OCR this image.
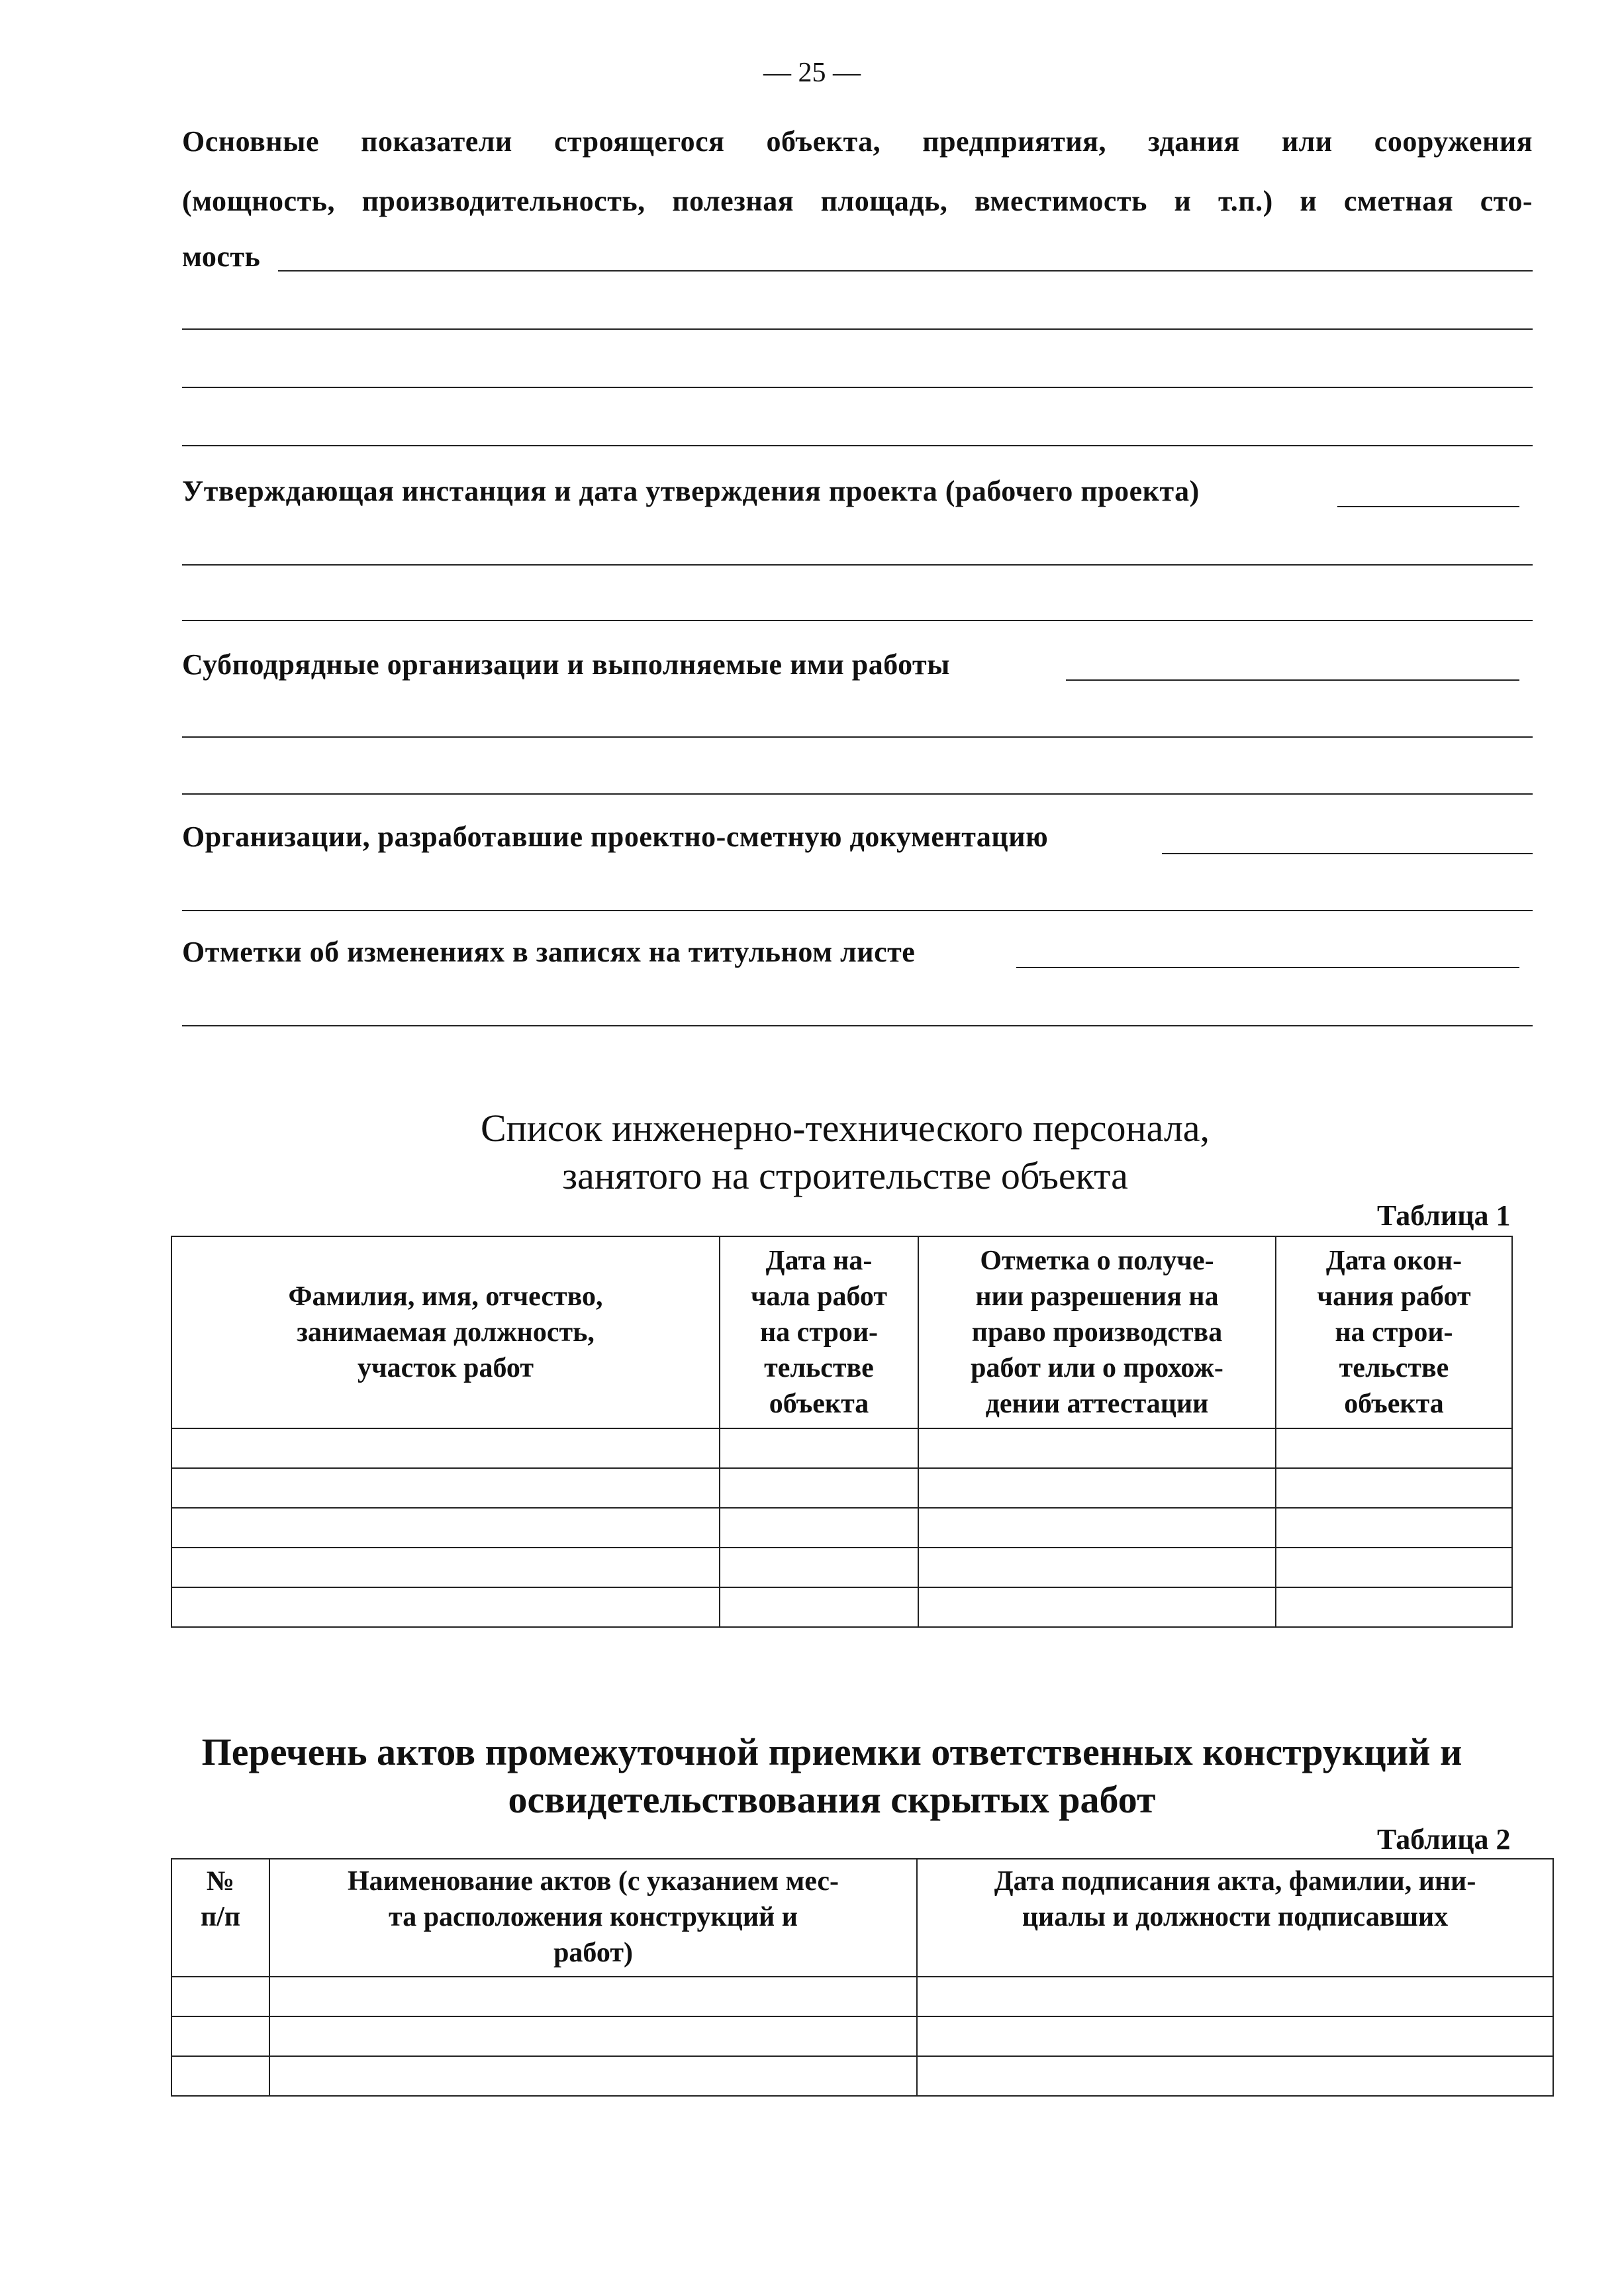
— 25 —
Основные показатели строящегося объекта, предприятия, здания или сооружения
(мощность, производительность, полезная площадь, вместимость и т.п.) и сметная сто-
мость
Утверждающая инстанция и дата утверждения проекта (рабочего проекта)
Субподрядные организации и выполняемые ими работы
Организации, разработавшие проектно-сметную документацию
Отметки об изменениях в записях на титульном листе
Список инженерно-технического персонала,
занятого на строительстве объекта
Таблица 1
Фамилия, имя, отчество,
занимаемая должность,
участок работ	Дата на-
чала работ
на строи-
тельстве
объекта	Отметка о получе-
нии разрешения на
право производства
работ или о прохож-
дении аттестации	Дата окон-
чания работ
на строи-
тельстве
объекта

Перечень актов промежуточной приемки ответственных конструкций и
освидетельствования скрытых работ
Таблица 2
№
п/п	Наименование актов (с указанием мес-
та расположения конструкций и
работ)	Дата подписания акта, фамилии, ини-
циалы и должности подписавших
